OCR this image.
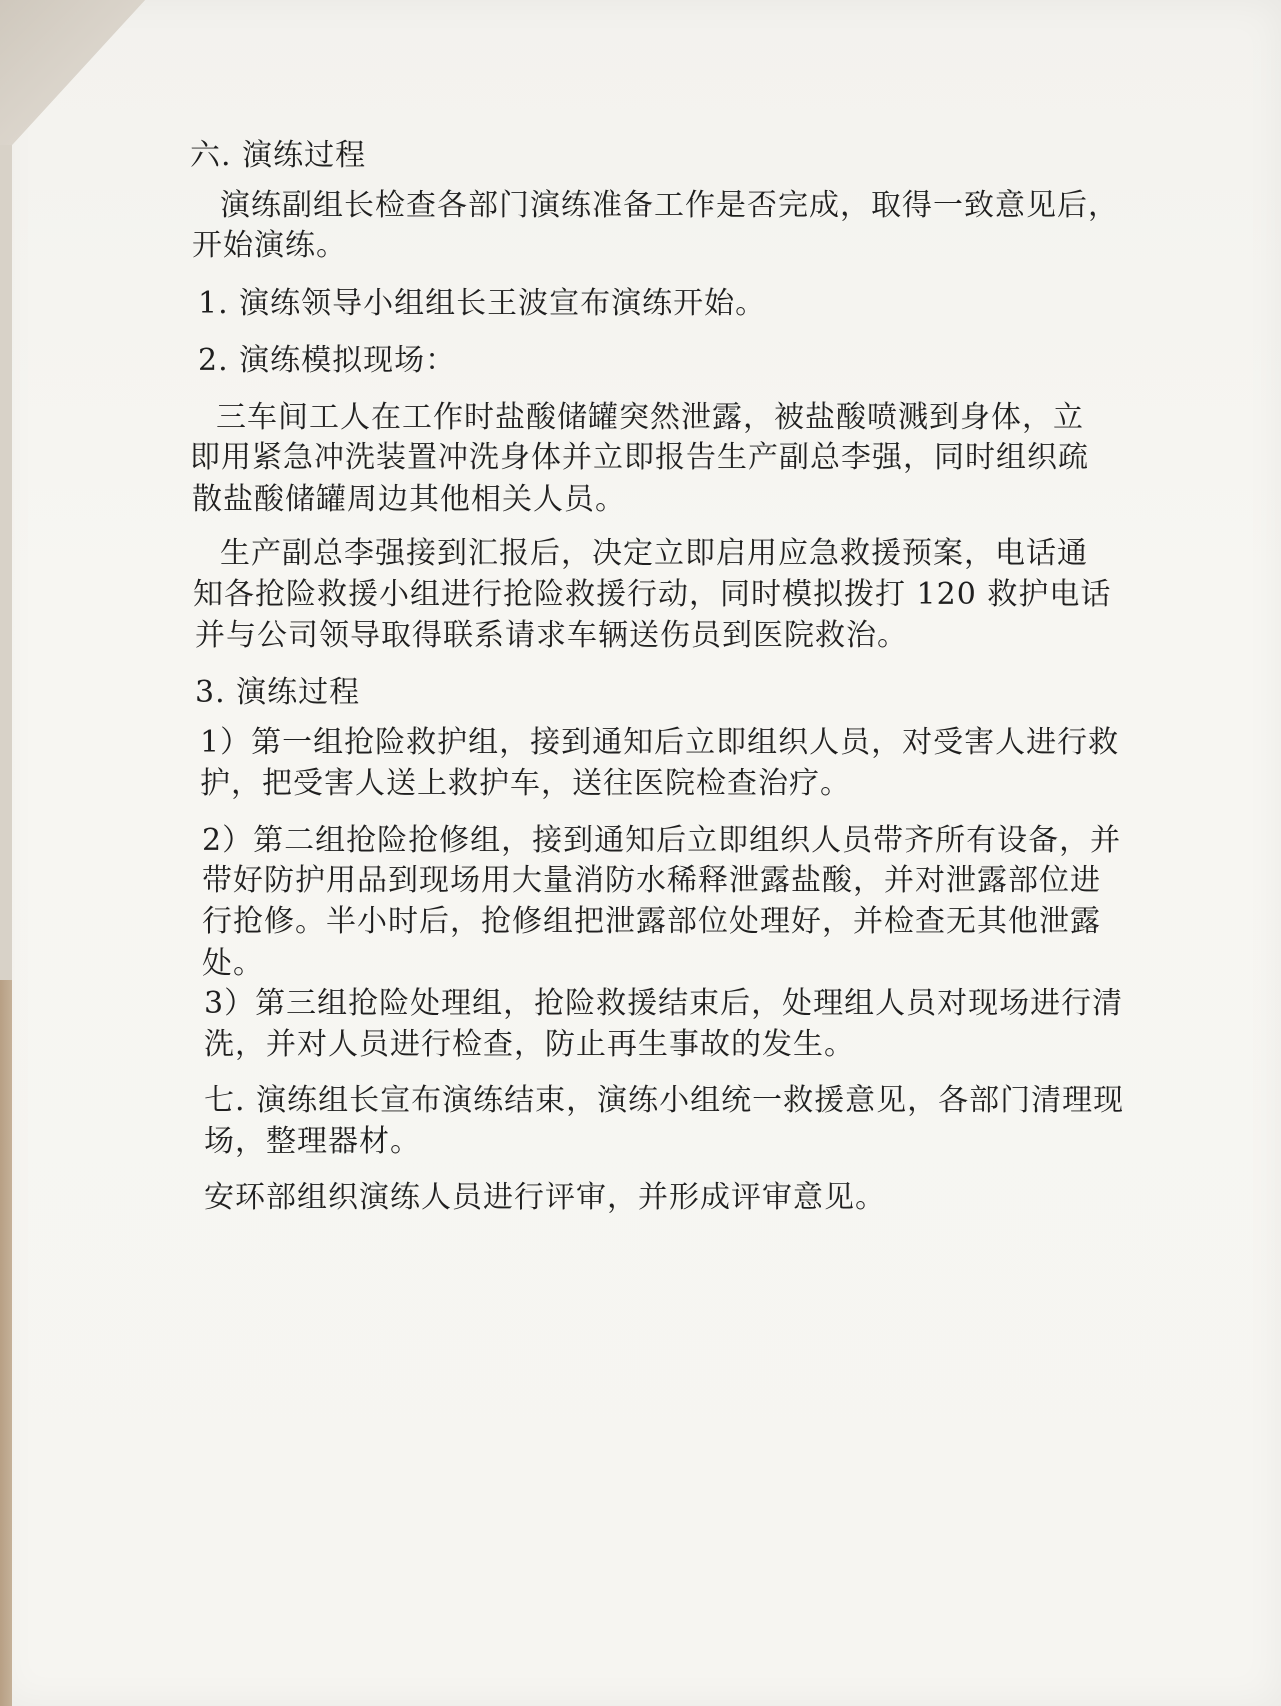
六. 演练过程
演练副组长检查各部门演练准备工作是否完成，取得一致意见后，
开始演练。
1. 演练领导小组组长王波宣布演练开始。
2. 演练模拟现场：
三车间工人在工作时盐酸储罐突然泄露，被盐酸喷溅到身体，立
即用紧急冲洗装置冲洗身体并立即报告生产副总李强，同时组织疏
散盐酸储罐周边其他相关人员。
生产副总李强接到汇报后，决定立即启用应急救援预案，电话通
知各抢险救援小组进行抢险救援行动，同时模拟拨打 120 救护电话
并与公司领导取得联系请求车辆送伤员到医院救治。
3. 演练过程
1）第一组抢险救护组，接到通知后立即组织人员，对受害人进行救
护，把受害人送上救护车，送往医院检查治疗。
2）第二组抢险抢修组，接到通知后立即组织人员带齐所有设备，并
带好防护用品到现场用大量消防水稀释泄露盐酸，并对泄露部位进
行抢修。半小时后，抢修组把泄露部位处理好，并检查无其他泄露
处。
3）第三组抢险处理组，抢险救援结束后，处理组人员对现场进行清
洗，并对人员进行检查，防止再生事故的发生。
七. 演练组长宣布演练结束，演练小组统一救援意见，各部门清理现
场，整理器材。
安环部组织演练人员进行评审，并形成评审意见。
